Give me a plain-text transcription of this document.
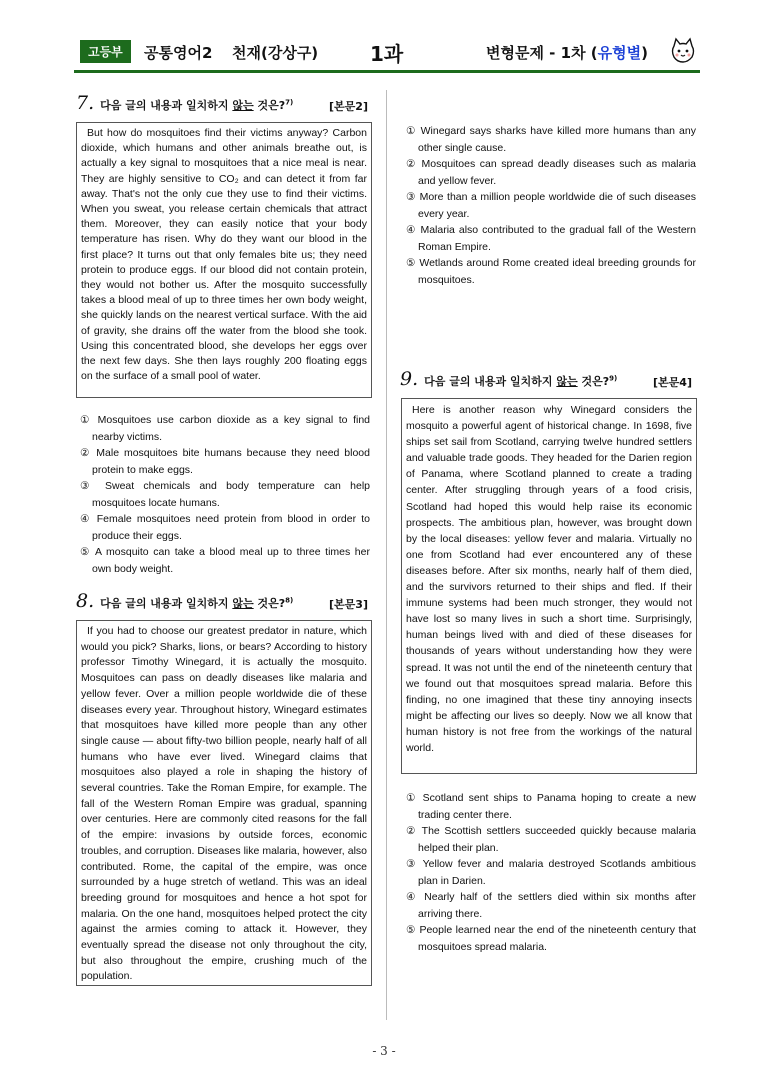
고등부	공통영어2 천재(강상구)	1과	변형문제 - 1차 (유형별)
7. 다음 글의 내용과 일치하지 않는 것은?$^{7)}$	[본문2]
But how do mosquitoes find their victims anyway? Carbon dioxide, which humans and other animals breathe out, is actually a key signal to mosquitoes that a nice meal is near. They are highly sensitive to CO₂ and can detect it from far away. That's not the only cue they use to find their victims. When you sweat, you release certain chemicals that attract them. Moreover, they can easily notice that your body temperature has risen. Why do they want our blood in the first place? It turns out that only females bite us; they need protein to produce eggs. If our blood did not contain protein, they would not bother us. After the mosquito successfully takes a blood meal of up to three times her own body weight, she quickly lands on the nearest vertical surface. With the aid of gravity, she drains off the water from the blood she took. Using this concentrated blood, she develops her eggs over the next few days. She then lays roughly 200 floating eggs on the surface of a small pool of water.
① Mosquitoes use carbon dioxide as a key signal to find nearby victims.
② Male mosquitoes bite humans because they need blood protein to make eggs.
③ Sweat chemicals and body temperature can help mosquitoes locate humans.
④ Female mosquitoes need protein from blood in order to produce their eggs.
⑤ A mosquito can take a blood meal up to three times her own body weight.
8. 다음 글의 내용과 일치하지 않는 것은?$^{8)}$	[본문3]
If you had to choose our greatest predator in nature, which would you pick? Sharks, lions, or bears? According to history professor Timothy Winegard, it is actually the mosquito. Mosquitoes can pass on deadly diseases like malaria and yellow fever. Over a million people worldwide die of these diseases every year. Throughout history, Winegard estimates that mosquitoes have killed more people than any other single cause — about fifty-two billion people, nearly half of all humans who have ever lived. Winegard claims that mosquitoes also played a role in shaping the history of several countries. Take the Roman Empire, for example. The fall of the Western Roman Empire was gradual, spanning over centuries. Here are commonly cited reasons for the fall of the empire: invasions by outside forces, economic troubles, and corruption. Diseases like malaria, however, also contributed. Rome, the capital of the empire, was once surrounded by a huge stretch of wetland. This was an ideal breeding ground for mosquitoes and hence a hot spot for malaria. On the one hand, mosquitoes helped protect the city against the armies coming to attack it. However, they eventually spread the disease not only throughout the city, but also throughout the empire, crushing much of the population.
① Winegard says sharks have killed more humans than any other single cause.
② Mosquitoes can spread deadly diseases such as malaria and yellow fever.
③ More than a million people worldwide die of such diseases every year.
④ Malaria also contributed to the gradual fall of the Western Roman Empire.
⑤ Wetlands around Rome created ideal breeding grounds for mosquitoes.
9. 다음 글의 내용과 일치하지 않는 것은?$^{9)}$	[본문4]
Here is another reason why Winegard considers the mosquito a powerful agent of historical change. In 1698, five ships set sail from Scotland, carrying twelve hundred settlers and valuable trade goods. They headed for the Darien region of Panama, where Scotland planned to create a trading center. After struggling through years of a food crisis, Scotland had hoped this would help raise its economic prospects. The ambitious plan, however, was brought down by the local diseases: yellow fever and malaria. Virtually no one from Scotland had ever encountered any of these diseases before. After six months, nearly half of them died, and the survivors returned to their ships and fled. If their immune systems had been much stronger, they would not have lost so many lives in such a short time. Surprisingly, human beings lived with and died of these diseases for thousands of years without understanding how they were spread. It was not until the end of the nineteenth century that we found out that mosquitoes spread malaria. Before this finding, no one imagined that these tiny annoying insects might be affecting our lives so deeply. Now we all know that human history is not free from the workings of the natural world.
① Scotland sent ships to Panama hoping to create a new trading center there.
② The Scottish settlers succeeded quickly because malaria helped their plan.
③ Yellow fever and malaria destroyed Scotlands ambitious plan in Darien.
④ Nearly half of the settlers died within six months after arriving there.
⑤ People learned near the end of the nineteenth century that mosquitoes spread malaria.
- 3 -
